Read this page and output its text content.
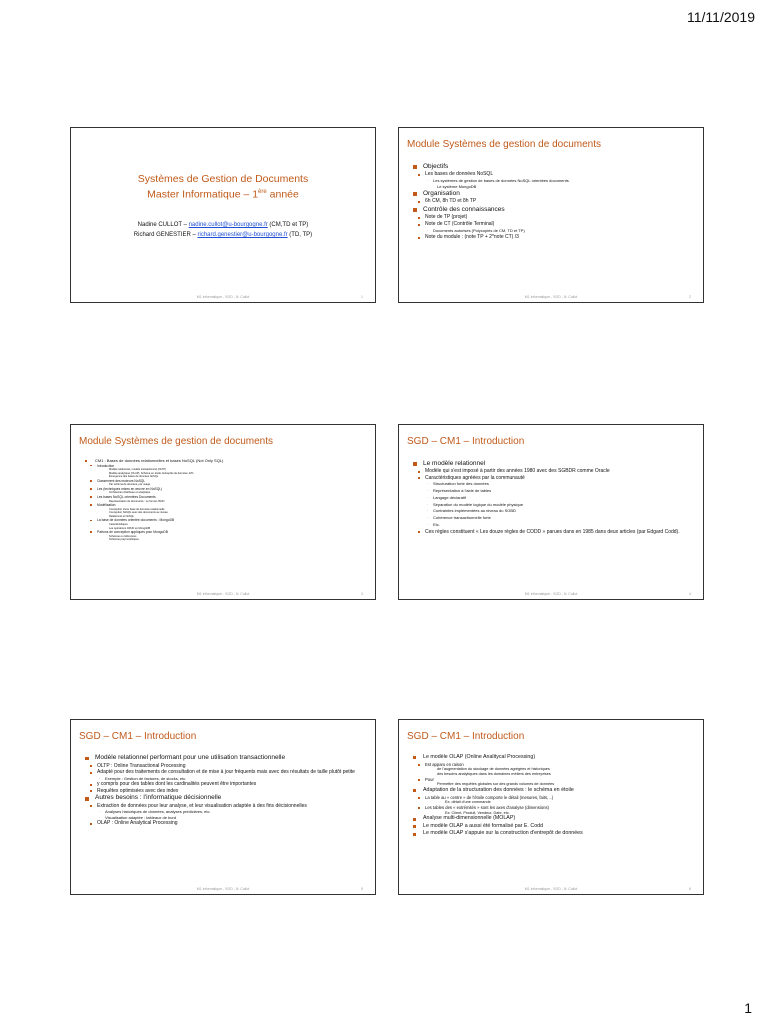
11/11/2019
Systèmes de Gestion de Documents
Master Informatique – 1ère année
Nadine CULLOT – nadine.cullot@u-bourgogne.fr (CM,TD et TP)
Richard GENESTIER – richard.genestier@u-bourgogne.fr (TD, TP)
M1 Informatique - SGD - N. Cullot	1
Module Systèmes de gestion de documents
Objectifs
Les bases de données NoSQL
· Les systèmes de gestion de bases de données NoSQL orientées documents
Le système MongoDB
Organisation
6h CM, 8h TD et 8h TP
Contrôle des connaissances
Note de TP (projet)
Note de CT (Contrôle Terminal)
· Documents autorisés (Polycopiés de CM, TD et TP)
Note du module : (note TP + 2*note CT) /3
M1 Informatique - SGD - N. Cullot	2
Module Systèmes de gestion de documents
CM1 : Bases de données relationnelles et bases NoSQL (Not Only SQL)
Introduction
Modèle relationnel, modèle transactionnel (OLTP)
Modèle analytique (OLAP), Schéma en étoile, Entrepôts de données, ETL
Émergence des bases de données NoSQL
Classement des moteurs NoSQL
Par schéma de données, par usage
Les (techniques mises en œuvre en NoSQL)
Architecture distribuée et analytique
Les bases NoSQL orientées Documents
Représentation de documents : Le format JSON
Modélisation
Conception d'une base de données relationnelle
Conception NoSQL avec des documents au niveau
Relationnel et NoSQL
La base de données orientée documents : MongoDB
Caractéristiques
Les opérations CRUD en MongoDB
Patrons de conception appliqués pour MongoDB
Schémas ou références
Schémas polymorphiques
M1 Informatique - SGD - N. Cullot	3
SGD – CM1 – Introduction
Le modèle relationnel
Modèle qui s'est imposé à partir des années 1980 avec des SGBDR comme Oracle
Caractéristiques agréées par la communauté
· Structuration forte des données
· Représentation à l'aide de tables
· Langage déclaratif
· Séparation du modèle logique du modèle physique
· Contraintes implémentées au niveau du SGBD
· Cohérence transactionnelle forte
· Etc.
Ces règles constituent « Les douze règles de CODD » parues dans en 1985 dans deux articles (par Edgard Codd).
M1 Informatique - SGD - N. Cullot	4
SGD – CM1 – Introduction
Modèle relationnel performant pour une utilisation transactionnelle
OLTP : Online Transactional Processing
Adapté pour des traitements de consultation et de mise à jour fréquents mais avec des résultats de taille plutôt petite
· Exemple : Gestion de factures, de stocks, etc.
y compris pour des tables dont les cardinalités peuvent être importantes
Requêtes optimisées avec des index
Autres besoins : l'informatique décisionnelle
Extraction de données pour leur analyse, et leur visualisation adaptée à des fins décisionnelles
· Analyses historiques de données, analyses prédictives, etc.
· Visualisation adaptée : tableaux de bord
OLAP : Online Analytical Processing
M1 Informatique - SGD - N. Cullot	5
SGD – CM1 – Introduction
Le modèle OLAP (Online Analitycal Processing)
Est apparu en raison
de l'augmentation du stockage de données agrégées et historiques
des besoins analytiques dans les domaines métiers des entreprises
Pour
Permettre des requêtes globales sur des grands volumes de données
Adaptation de la structuration des données : le schéma en étoile
La table au « centre » de l'étoile comporte le détail (mesures, faits, ..)
Ex: détail d'une commande
Les tables des « extrémités » sont les axes d'analyse (dimensions)
Ex: Client, Produit, Vendeur, Date, etc.
Analyse multi-dimensionnelle (MOLAP)
Le modèle OLAP a aussi été formalisé par E. Codd
Le modèle OLAP s'appuie sur la construction d'entrepôt de données
M1 Informatique - SGD - N. Cullot	6
1
